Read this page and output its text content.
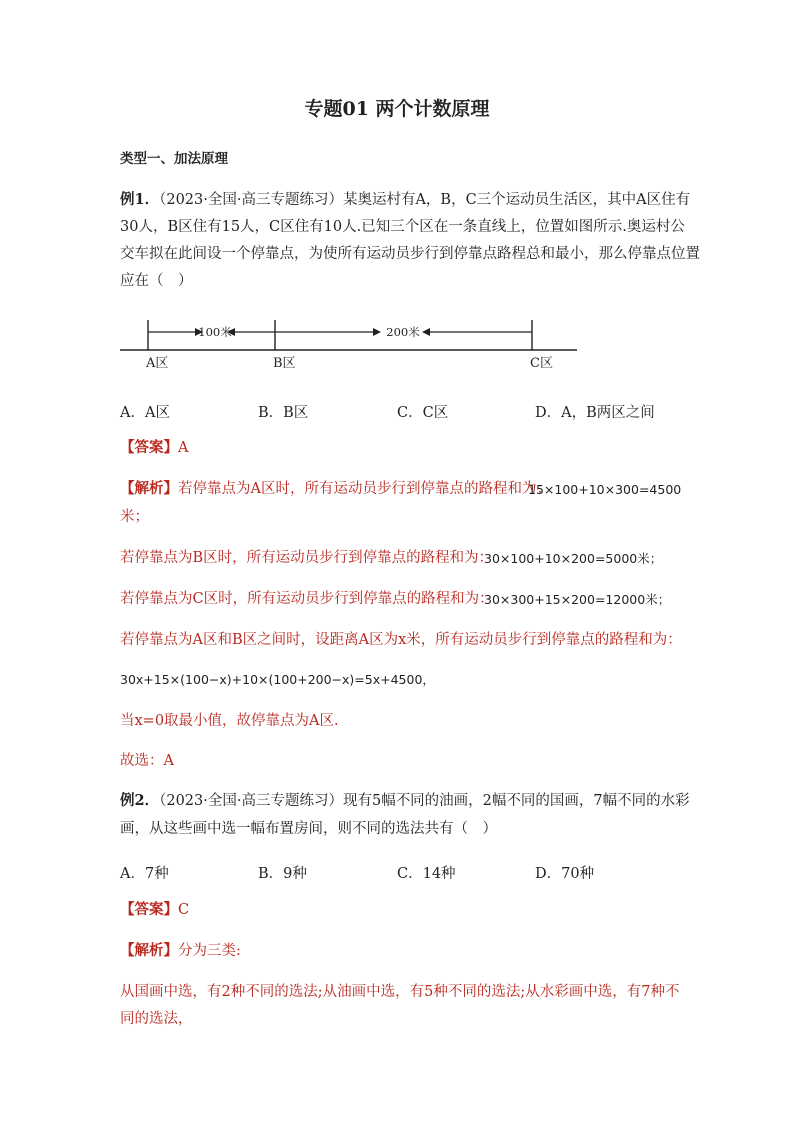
专题01 两个计数原理
类型一、加法原理
例1．（2023·全国·高三专题练习）某奥运村有A，B，C三个运动员生活区，其中A区住有
30人，B区住有15人，C区住有10人.已知三个区在一条直线上，位置如图所示.奥运村公
交车拟在此间设一个停靠点，为使所有运动员步行到停靠点路程总和最小，那么停靠点位置
应在（　）
100米	200米
A区	B区	C区
A．A区	B．B区	C．C区	D．A，B两区之间
【答案】A
【解析】若停靠点为A区时，所有运动员步行到停靠点的路程和为：
15×100+10×300=4500
米；
若停靠点为B区时，所有运动员步行到停靠点的路程和为：
30×100+10×200=5000米；
若停靠点为C区时，所有运动员步行到停靠点的路程和为：
30×300+15×200=12000米；
若停靠点为A区和B区之间时，设距离A区为x米，所有运动员步行到停靠点的路程和为：
30x+15×(100−x)+10×(100+200−x)=5x+4500，
当x=0取最小值，故停靠点为A区.
故选：A
例2．（2023·全国·高三专题练习）现有5幅不同的油画，2幅不同的国画，7幅不同的水彩
画，从这些画中选一幅布置房间，则不同的选法共有（　）
A．7种	B．9种	C．14种	D．70种
【答案】C
【解析】分为三类:
从国画中选，有2种不同的选法;从油画中选，有5种不同的选法;从水彩画中选，有7种不
同的选法，
